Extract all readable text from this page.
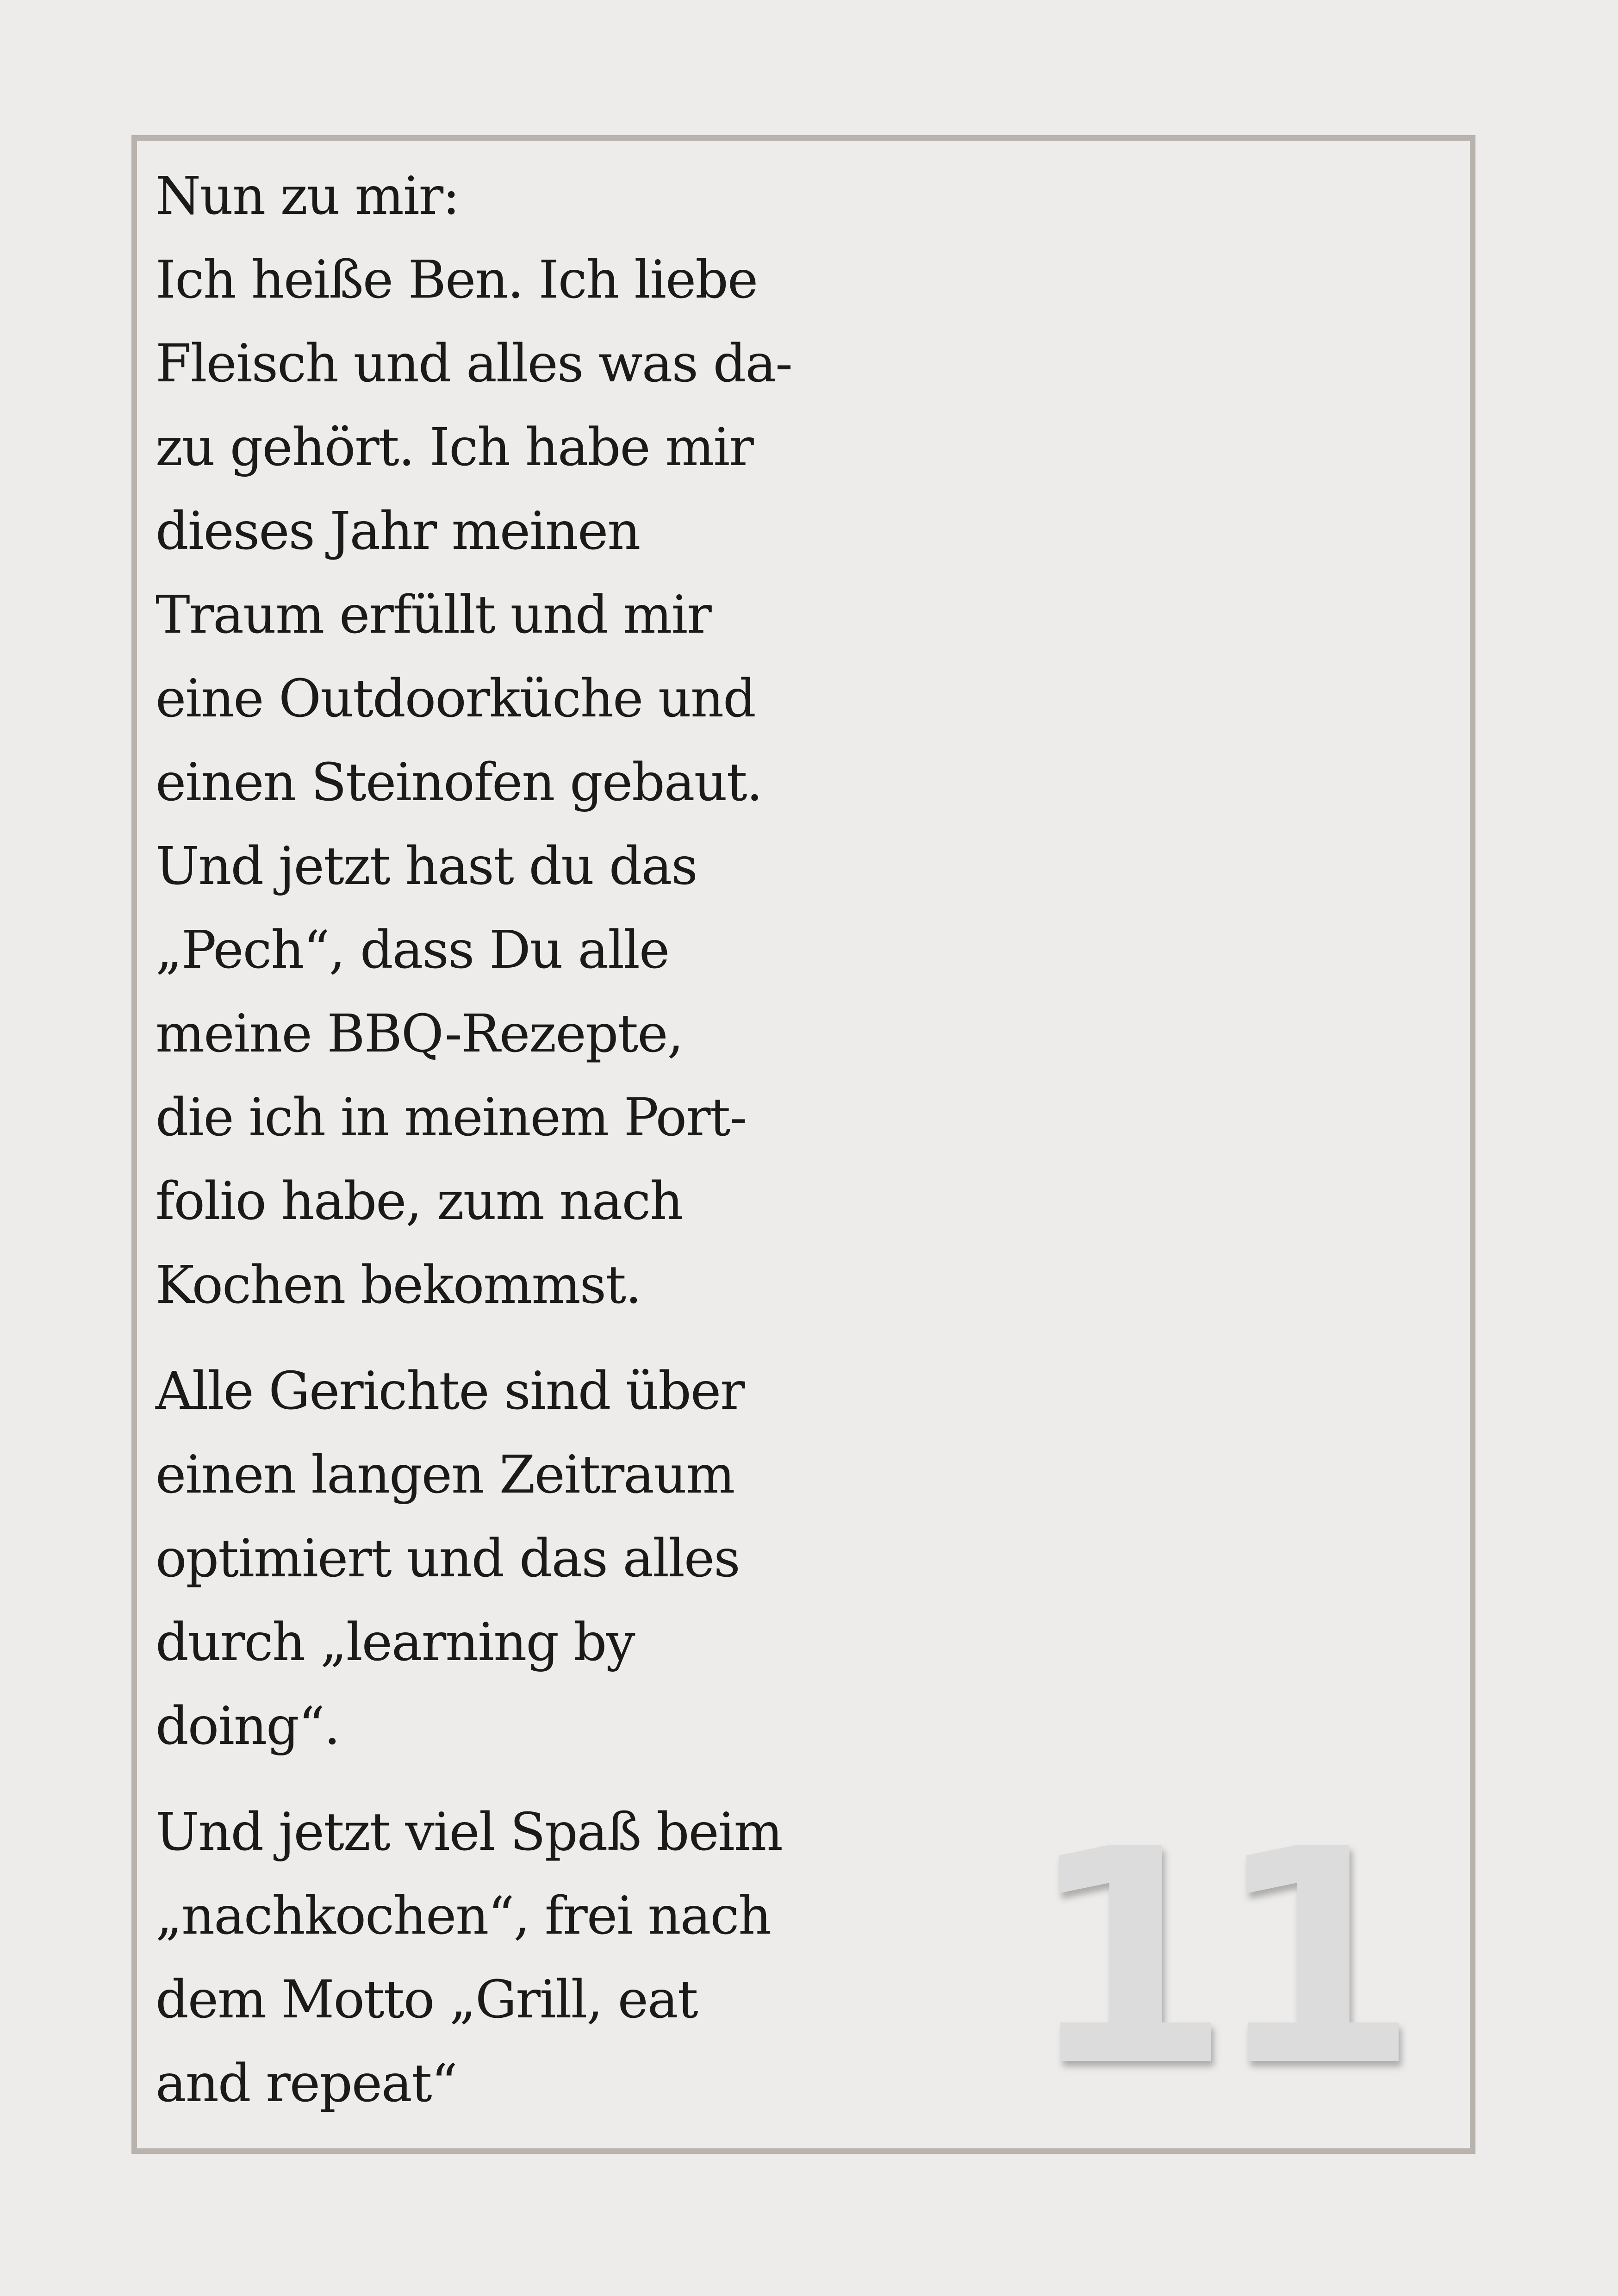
Nun zu mir:
Ich heiße Ben. Ich liebe
Fleisch und alles was da-
zu gehört. Ich habe mir
dieses Jahr meinen
Traum erfüllt und mir
eine Outdoorküche und
einen Steinofen gebaut.
Und jetzt hast du das
„Pech“, dass Du alle
meine BBQ-Rezepte,
die ich in meinem Port-
folio habe, zum nach
Kochen bekommst.

Alle Gerichte sind über
einen langen Zeitraum
optimiert und das alles
durch „learning by
doing“.

Und jetzt viel Spaß beim
„nachkochen“, frei nach
dem Motto „Grill, eat
and repeat“	11
